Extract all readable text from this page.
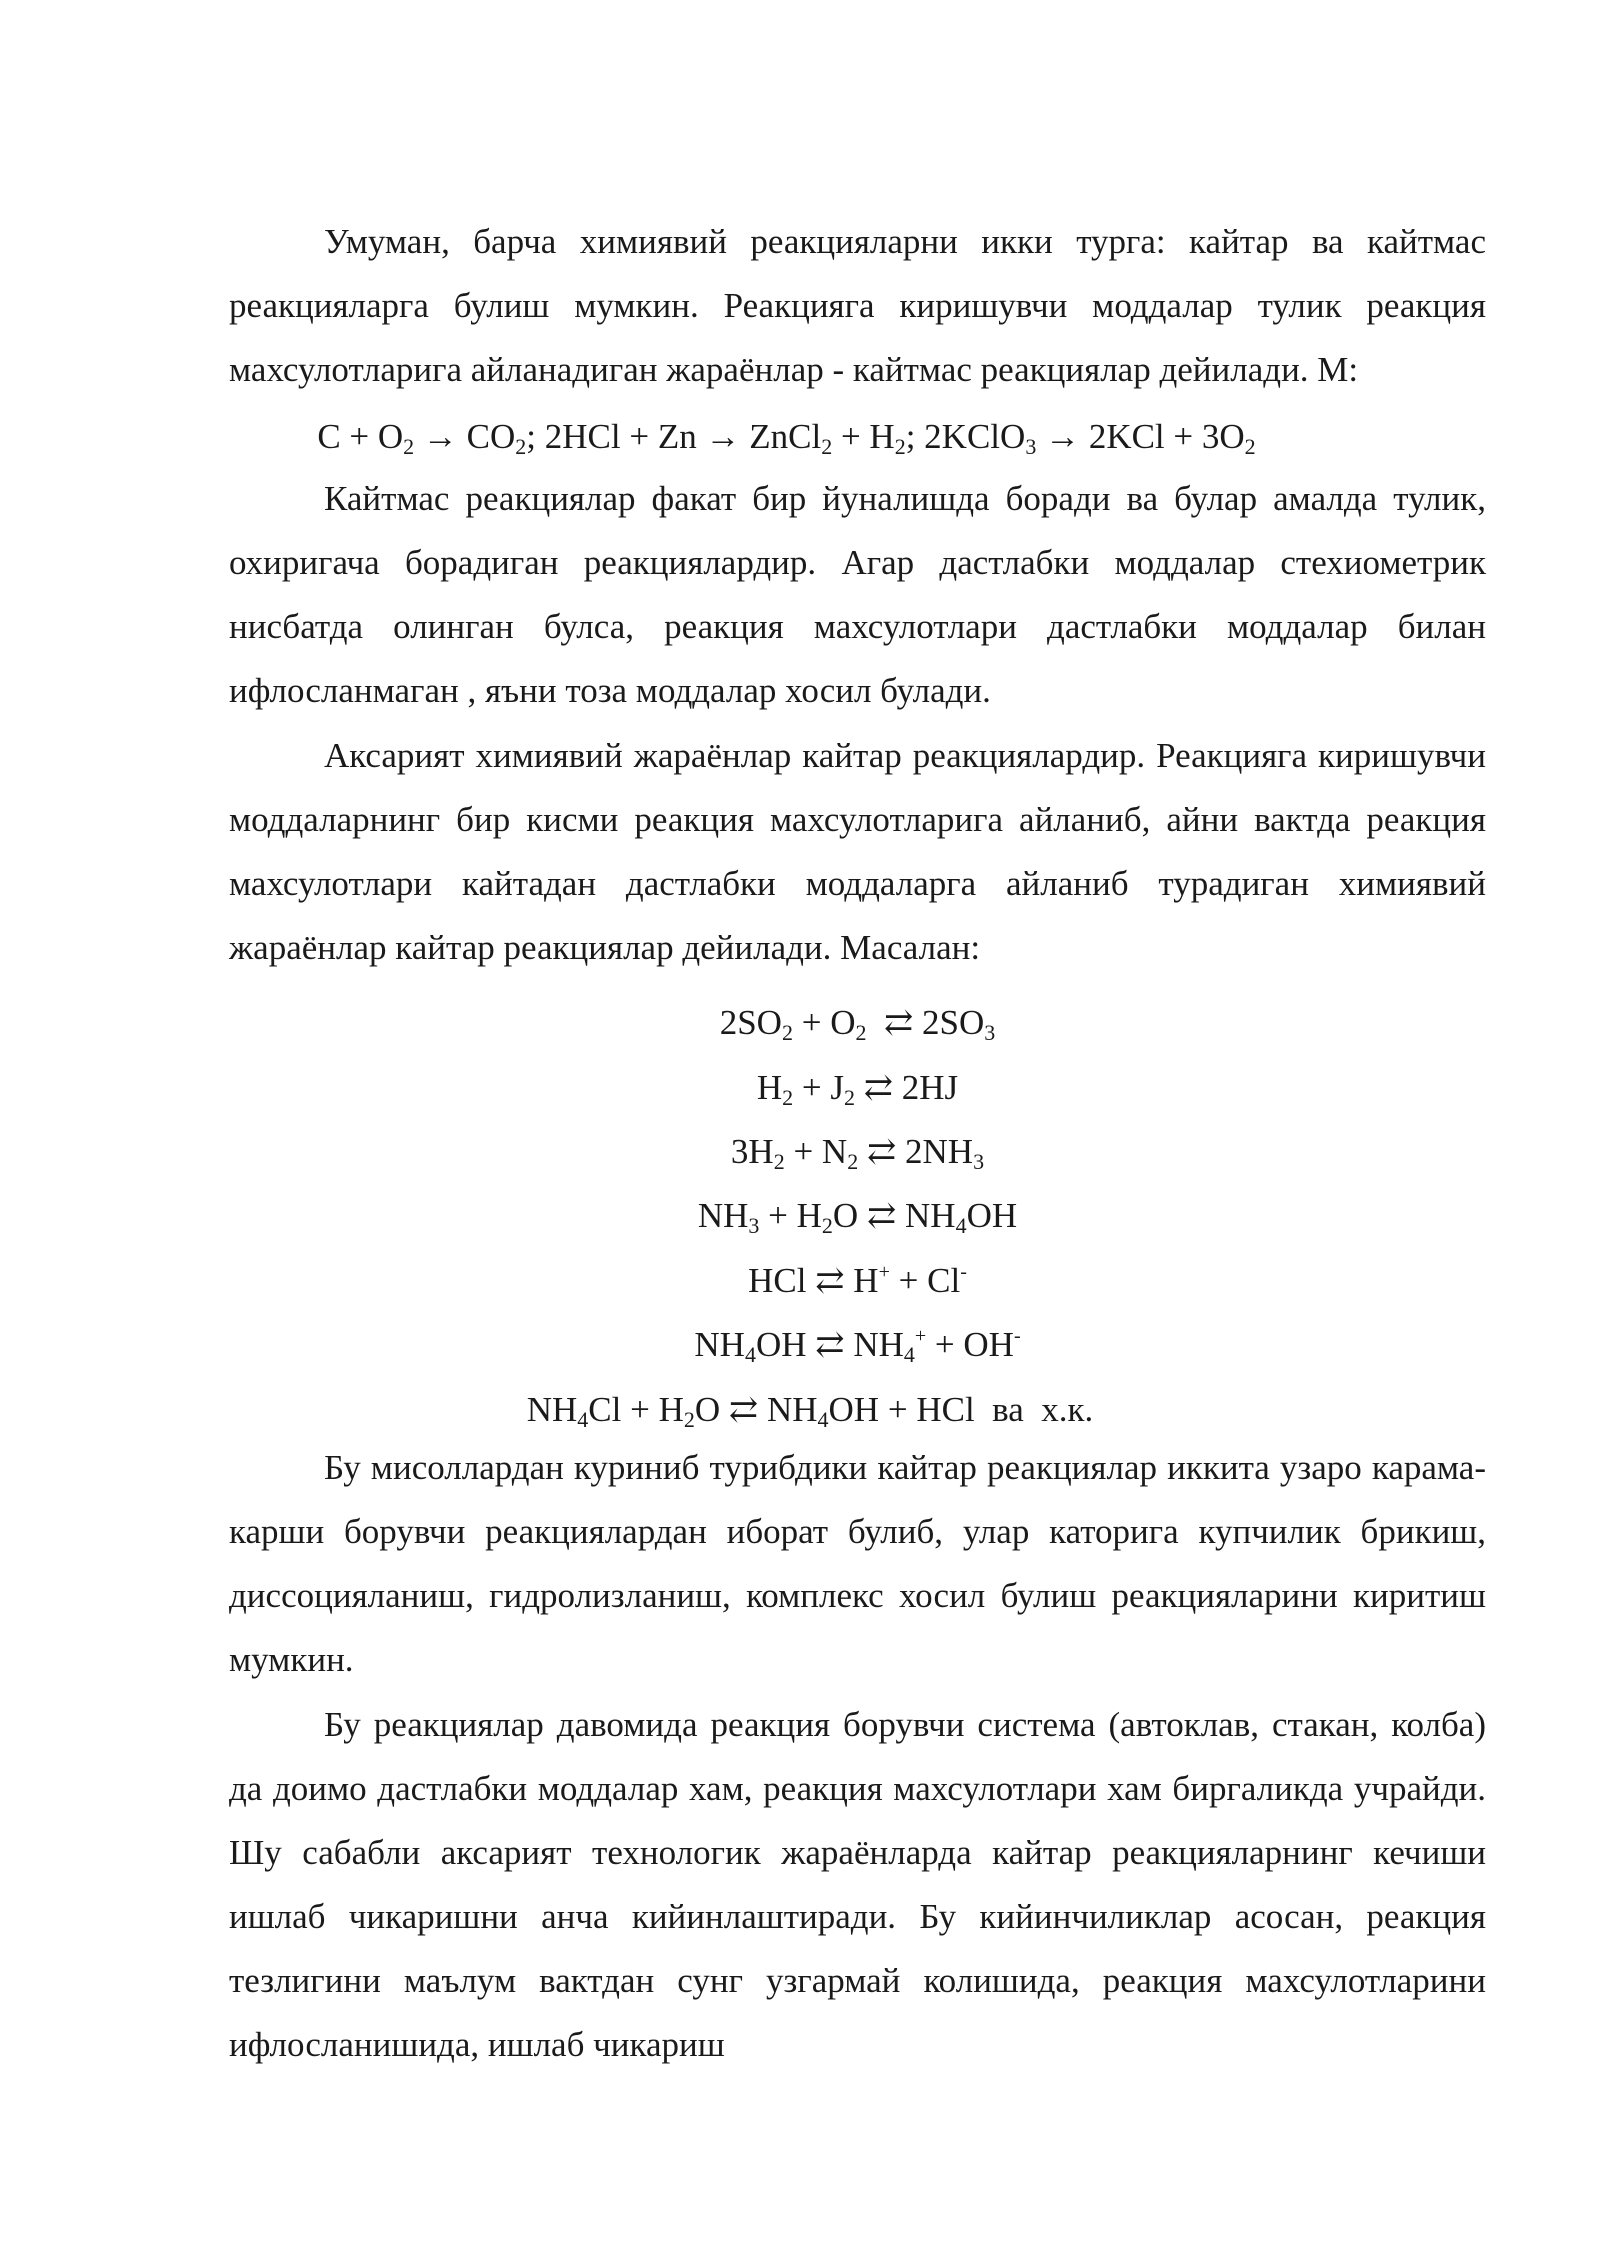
Умуман, барча химиявий реакцияларни икки турга: кайтар ва кайтмас реакцияларга булиш мумкин. Реакцияга киришувчи моддалар тулик реакция махсулотларига айланадиган жараёнлар - кайтмас реакциялар дейилади. М:

$C + O_2 \to CO_2$; 2HCl + Zn → ZnCl$_2$ + $H_2$; 2KClO$_3$ → $2KCl + 3O_2$

Кайтмас реакциялар факат бир йуналишда боради ва булар амалда тулик, охиригача борадиган реакциялардир. Агар дастлабки моддалар стехиометрик нисбатда олинган булса, реакция махсулотлари дастлабки моддалар билан ифлосланмаган , яъни тоза моддалар хосил булади.

Аксарият химиявий жараёнлар кайтар реакциялардир. Реакцияга киришувчи моддаларнинг бир кисми реакция махсулотларига айланиб, айни вактда реакция махсулотлари кайтадан дастлабки моддаларга айланиб турадиган химиявий жараёнлар кайтар реакциялар дейилади. Масалан:

$2SO_2 + O_2$  ⇄ $2SO_3$
$H_2 + J_2$ ⇄ 2HJ
$3H_2 + N_2$ ⇄ $2NH_3$
$NH_3 + H_2O$ ⇄ $NH_4OH$
HCl ⇄ H+ + Cl-
$NH_4OH$ ⇄ $NH_4^+ + OH^-$
$NH_4Cl + H_2O$ ⇄ $NH_4OH$ + HCl  ва  х.к.

Бу мисоллардан куриниб турибдики кайтар реакциялар иккита узаро карама-карши борувчи реакциялардан иборат булиб, улар каторига купчилик брикиш, диссоцияланиш, гидролизланиш, комплекс хосил булиш реакцияларини киритиш мумкин.

Бу реакциялар давомида реакция борувчи система (автоклав, стакан, колба) да доимо дастлабки моддалар хам, реакция махсулотлари хам биргаликда учрайди. Шу сабабли аксарият технологик жараёнларда кайтар реакцияларнинг кечиши ишлаб чикаришни анча кийинлаштиради. Бу кийинчиликлар асосан, реакция тезлигини маълум вактдан сунг узгармай колишида, реакция махсулотларини ифлосланишида, ишлаб чикариш
